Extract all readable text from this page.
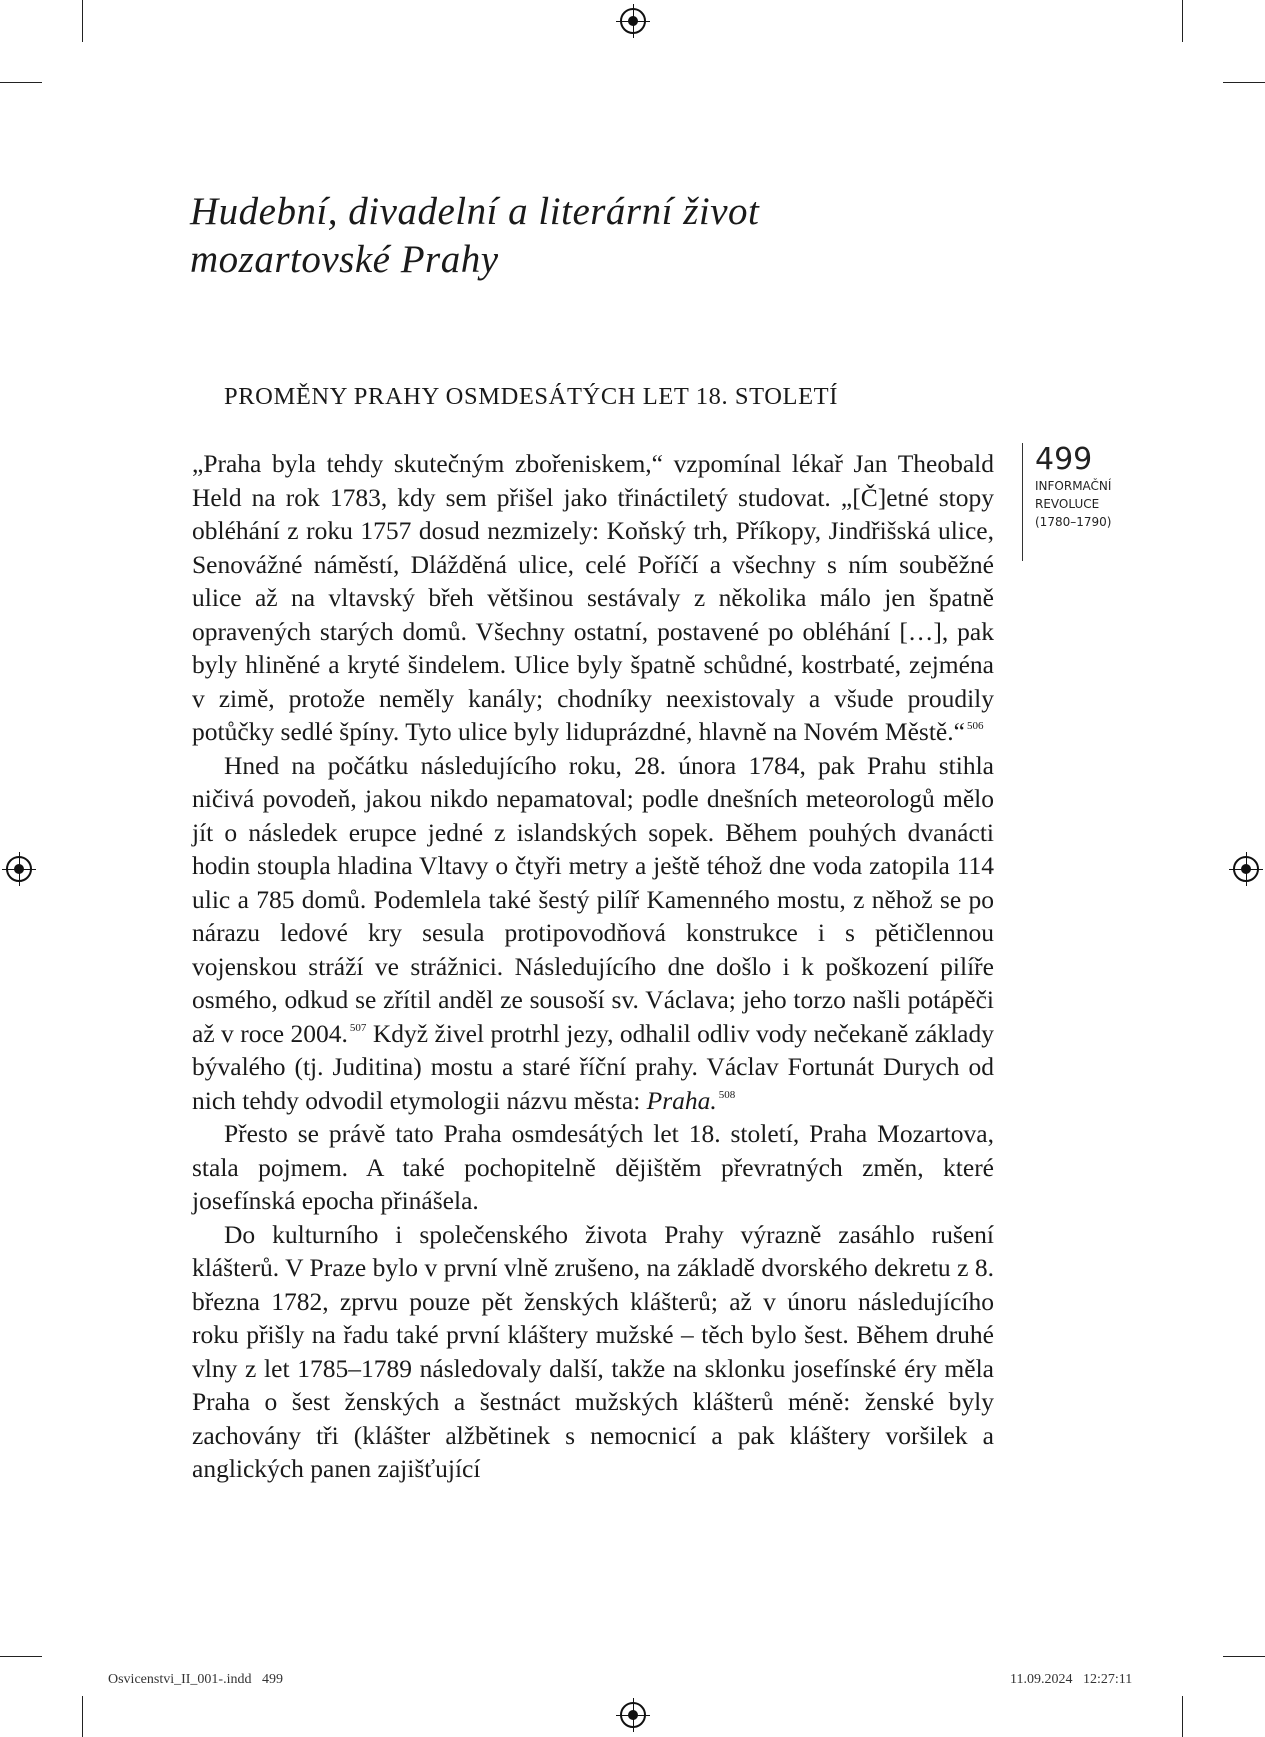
Hudební, divadelní a literární život
mozartovské Prahy
PROMĚNY PRAHY OSMDESÁTÝCH LET 18. STOLETÍ
499
INFORMAČNÍ
REVOLUCE
(1780–1790)

„Praha byla tehdy skutečným zbořeniskem,“ vzpomínal lékař Jan Theobald Held na rok 1783, kdy sem přišel jako třináctiletý studovat. „[Č]etné stopy obléhání z roku 1757 dosud nezmizely: Koňský trh, Příkopy, Jindřišská ulice, Senovážné náměstí, Dlážděná ulice, celé Poříčí a všechny s ním souběžné ulice až na vltavský břeh většinou sestávaly z několika málo jen špatně opravených starých domů. Všechny ostatní, postavené po obléhání […], pak byly hliněné a kryté šindelem. Ulice byly špatně schůdné, kostrbaté, zejména v zimě, protože neměly kanály; chodníky neexistovaly a všude proudily potůčky sedlé špíny. Tyto ulice byly liduprázdné, hlavně na Novém Městě.“ $^{506}$

Hned na počátku následujícího roku, 28. února 1784, pak Prahu stihla ničivá povodeň, jakou nikdo nepamatoval; podle dnešních meteorologů mělo jít o následek erupce jedné z islandských sopek. Během pouhých dvanácti hodin stoupla hladina Vltavy o čtyři metry a ještě téhož dne voda zatopila 114 ulic a 785 domů. Podemlela také šestý pilíř Kamenného mostu, z něhož se po nárazu ledové kry sesula protipovodňová konstrukce i s pětičlennou vojenskou stráží ve strážnici. Následujícího dne došlo i k poškození pilíře osmého, odkud se zřítil anděl ze sousoší sv. Václava; jeho torzo našli potápěči až v roce 2004. $^{507}$ Když živel protrhl jezy, odhalil odliv vody nečekaně základy bývalého (tj. Juditina) mostu a staré říční prahy. Václav Fortunát Durych od nich tehdy odvodil etymologii názvu města: Praha. $^{508}$

Přesto se právě tato Praha osmdesátých let 18. století, Praha Mozartova, stala pojmem. A také pochopitelně dějištěm převratných změn, které josefínská epocha přinášela.

Do kulturního i společenského života Prahy výrazně zasáhlo rušení klášterů. V Praze bylo v první vlně zrušeno, na základě dvorského dekretu z 8. března 1782, zprvu pouze pět ženských klášterů; až v únoru následujícího roku přišly na řadu také první kláštery mužské – těch bylo šest. Během druhé vlny z let 1785–1789 následovaly další, takže na sklonku josefínské éry měla Praha o šest ženských a šestnáct mužských klášterů méně: ženské byly zachovány tři (klášter alžbětinek s nemocnicí a pak kláštery voršilek a anglických panen zajišťující

Osvicenstvi_II_001-.indd   499	11.09.2024   12:27:11
